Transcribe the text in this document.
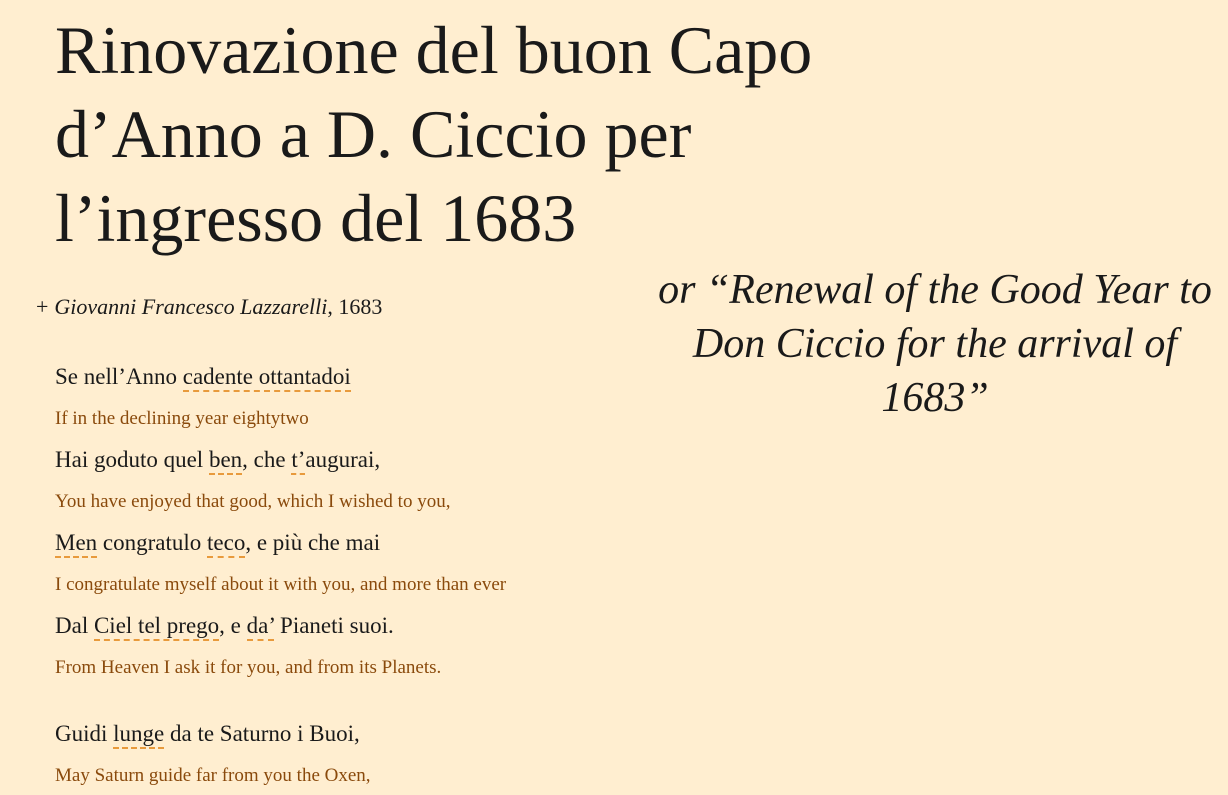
Rinovazione del buon Capo d’Anno a D. Ciccio per l’ingresso del 1683
or “Renewal of the Good Year to Don Ciccio for the arrival of 1683”
+ Giovanni Francesco Lazzarelli, 1683
Se nell’Anno cadente ottantadoi
If in the declining year eightytwo
Hai goduto quel ben, che t’augurai,
You have enjoyed that good, which I wished to you,
Men congratulo teco, e più che mai
I congratulate myself about it with you, and more than ever
Dal Ciel tel prego, e da’ Pianeti suoi.
From Heaven I ask it for you, and from its Planets.
Guidi lunge da te Saturno i Buoi,
May Saturn guide far from you the Oxen,
